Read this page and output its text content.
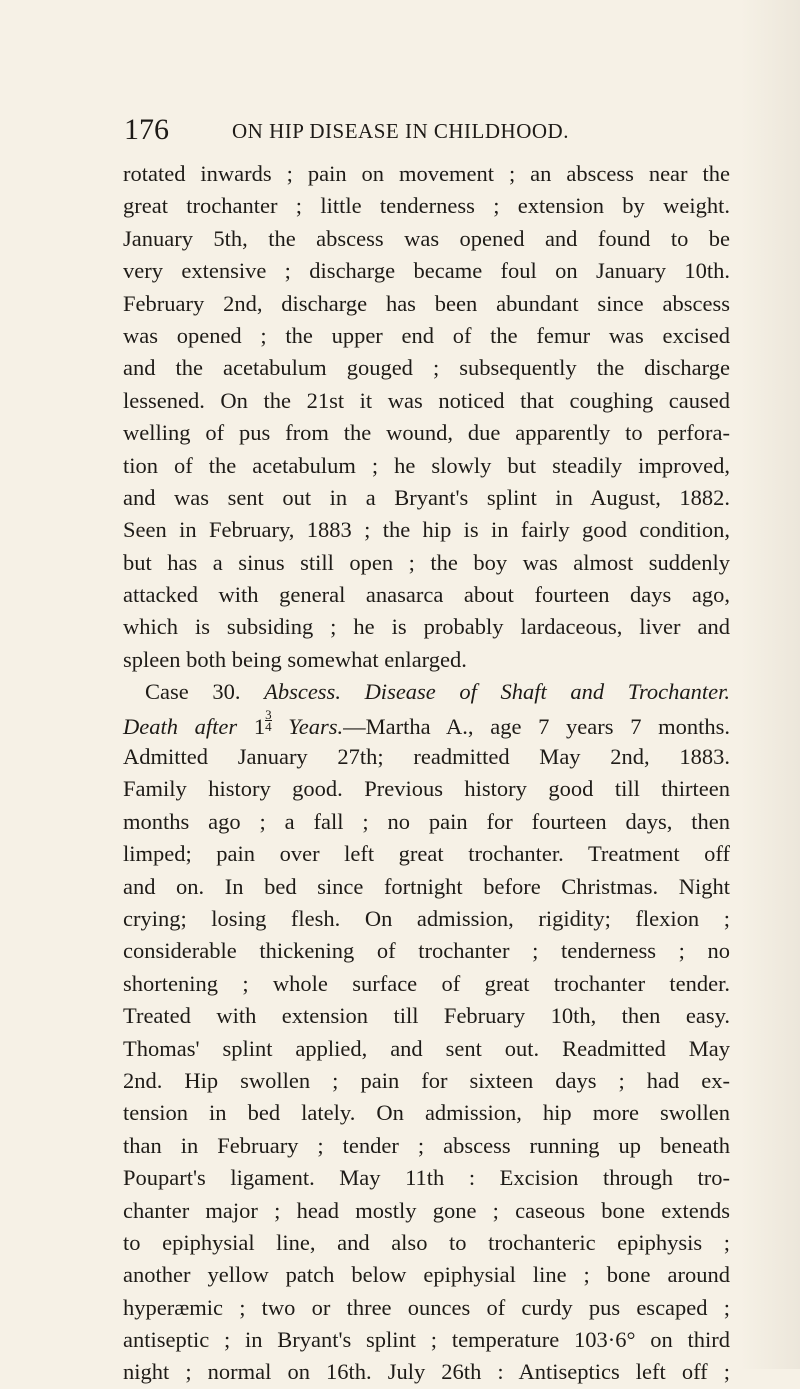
176	ON HIP DISEASE IN CHILDHOOD.
rotated inwards ; pain on movement ; an abscess near the
great trochanter ; little tenderness ; extension by weight.
January 5th, the abscess was opened and found to be
very extensive ; discharge became foul on January 10th.
February 2nd, discharge has been abundant since abscess
was opened ; the upper end of the femur was excised
and the acetabulum gouged ; subsequently the discharge
lessened. On the 21st it was noticed that coughing caused
welling of pus from the wound, due apparently to perfora-
tion of the acetabulum ; he slowly but steadily improved,
and was sent out in a Bryant's splint in August, 1882.
Seen in February, 1883 ; the hip is in fairly good condition,
but has a sinus still open ; the boy was almost suddenly
attacked with general anasarca about fourteen days ago,
which is subsiding ; he is probably lardaceous, liver and
spleen both being somewhat enlarged.
Case 30. Abscess. Disease of Shaft and Trochanter.
Death after $1 \frac{3}{4}$ Years.—Martha A., age 7 years 7 months.
Admitted January 27th; readmitted May 2nd, 1883.
Family history good. Previous history good till thirteen
months ago ; a fall ; no pain for fourteen days, then
limped; pain over left great trochanter. Treatment off
and on. In bed since fortnight before Christmas. Night
crying; losing flesh. On admission, rigidity; flexion ;
considerable thickening of trochanter ; tenderness ; no
shortening ; whole surface of great trochanter tender.
Treated with extension till February 10th, then easy.
Thomas' splint applied, and sent out. Readmitted May
2nd. Hip swollen ; pain for sixteen days ; had ex-
tension in bed lately. On admission, hip more swollen
than in February ; tender ; abscess running up beneath
Poupart's ligament. May 11th : Excision through tro-
chanter major ; head mostly gone ; caseous bone extends
to epiphysial line, and also to trochanteric epiphysis ;
another yellow patch below epiphysial line ; bone around
hyperæmic ; two or three ounces of curdy pus escaped ;
antiseptic ; in Bryant's splint ; temperature 103·6° on third
night ; normal on 16th. July 26th : Antiseptics left off ;
